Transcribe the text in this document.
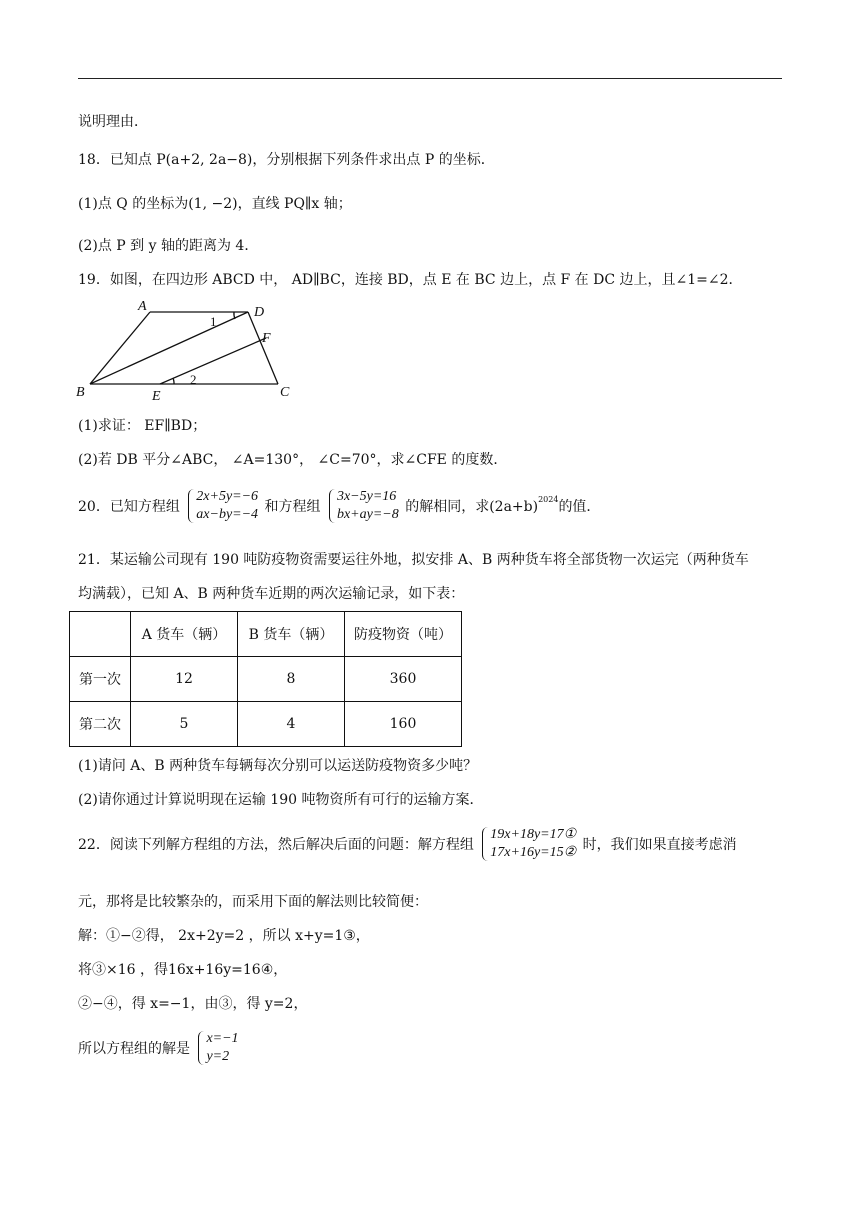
说明理由．
18．已知点 P(a+2, 2a−8)，分别根据下列条件求出点 P 的坐标．
(1)点 Q 的坐标为(1, −2)，直线 PQ∥x 轴；
(2)点 P 到 y 轴的距离为 4．
19．如图，在四边形 ABCD 中， AD∥BC，连接 BD，点 E 在 BC 边上，点 F 在 DC 边上，且∠1=∠2．
A	D
F
B	E	C
1
2
(1)求证： EF∥BD；
(2)若 DB 平分∠ABC， ∠A=130°， ∠C=70°，求∠CFE 的度数．
20．已知方程组
2x+5y=−6
ax−by=−4 和方程组
3x−5y=16
bx+ay=−8 的解相同，求$(2a+b)^{2024}$的值．
21．某运输公司现有 190 吨防疫物资需要运往外地，拟安排 A、B 两种货车将全部货物一次运完（两种货车
均满载），已知 A、B 两种货车近期的两次运输记录，如下表：
	A 货车（辆）	B 货车（辆）	防疫物资（吨）
第一次	12	8	360
第二次	5	4	160
(1)请问 A、B 两种货车每辆每次分别可以运送防疫物资多少吨？
(2)请你通过计算说明现在运输 190 吨物资所有可行的运输方案．
22．阅读下列解方程组的方法，然后解决后面的问题：解方程组
19x+18y=17①
17x+16y=15② 时，我们如果直接考虑消
元，那将是比较繁杂的，而采用下面的解法则比较简便：
解：①−②得， 2x+2y=2 ，所以 x+y=1③，
将③×16 ，得16x+16y=16④，
②−④，得 x=−1，由③，得 y=2，
所以方程组的解是
x=−1
y=2
